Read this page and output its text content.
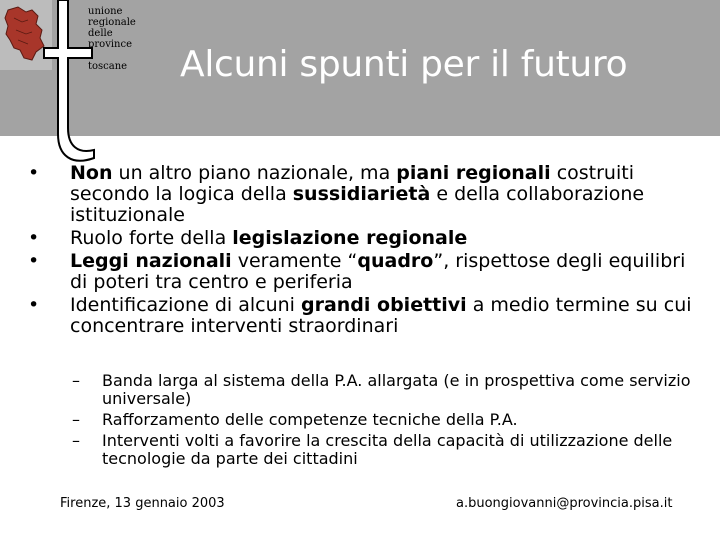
unione
regionale
delle
province
toscane Alcuni spunti per il futuro
• Non un altro piano nazionale, ma piani regionali costruiti secondo la logica della sussidiarietà e della collaborazione istituzionale
• Ruolo forte della legislazione regionale
• Leggi nazionali veramente “quadro”, rispettose degli equilibri di poteri tra centro e periferia
• Identificazione di alcuni grandi obiettivi a medio termine su cui concentrare interventi straordinari
– Banda larga al sistema della P.A. allargata (e in prospettiva come servizio universale)
– Rafforzamento delle competenze tecniche della P.A.
– Interventi volti a favorire la crescita della capacità di utilizzazione delle tecnologie da parte dei cittadini
Firenze, 13 gennaio 2003	a.buongiovanni@provincia.pisa.it
